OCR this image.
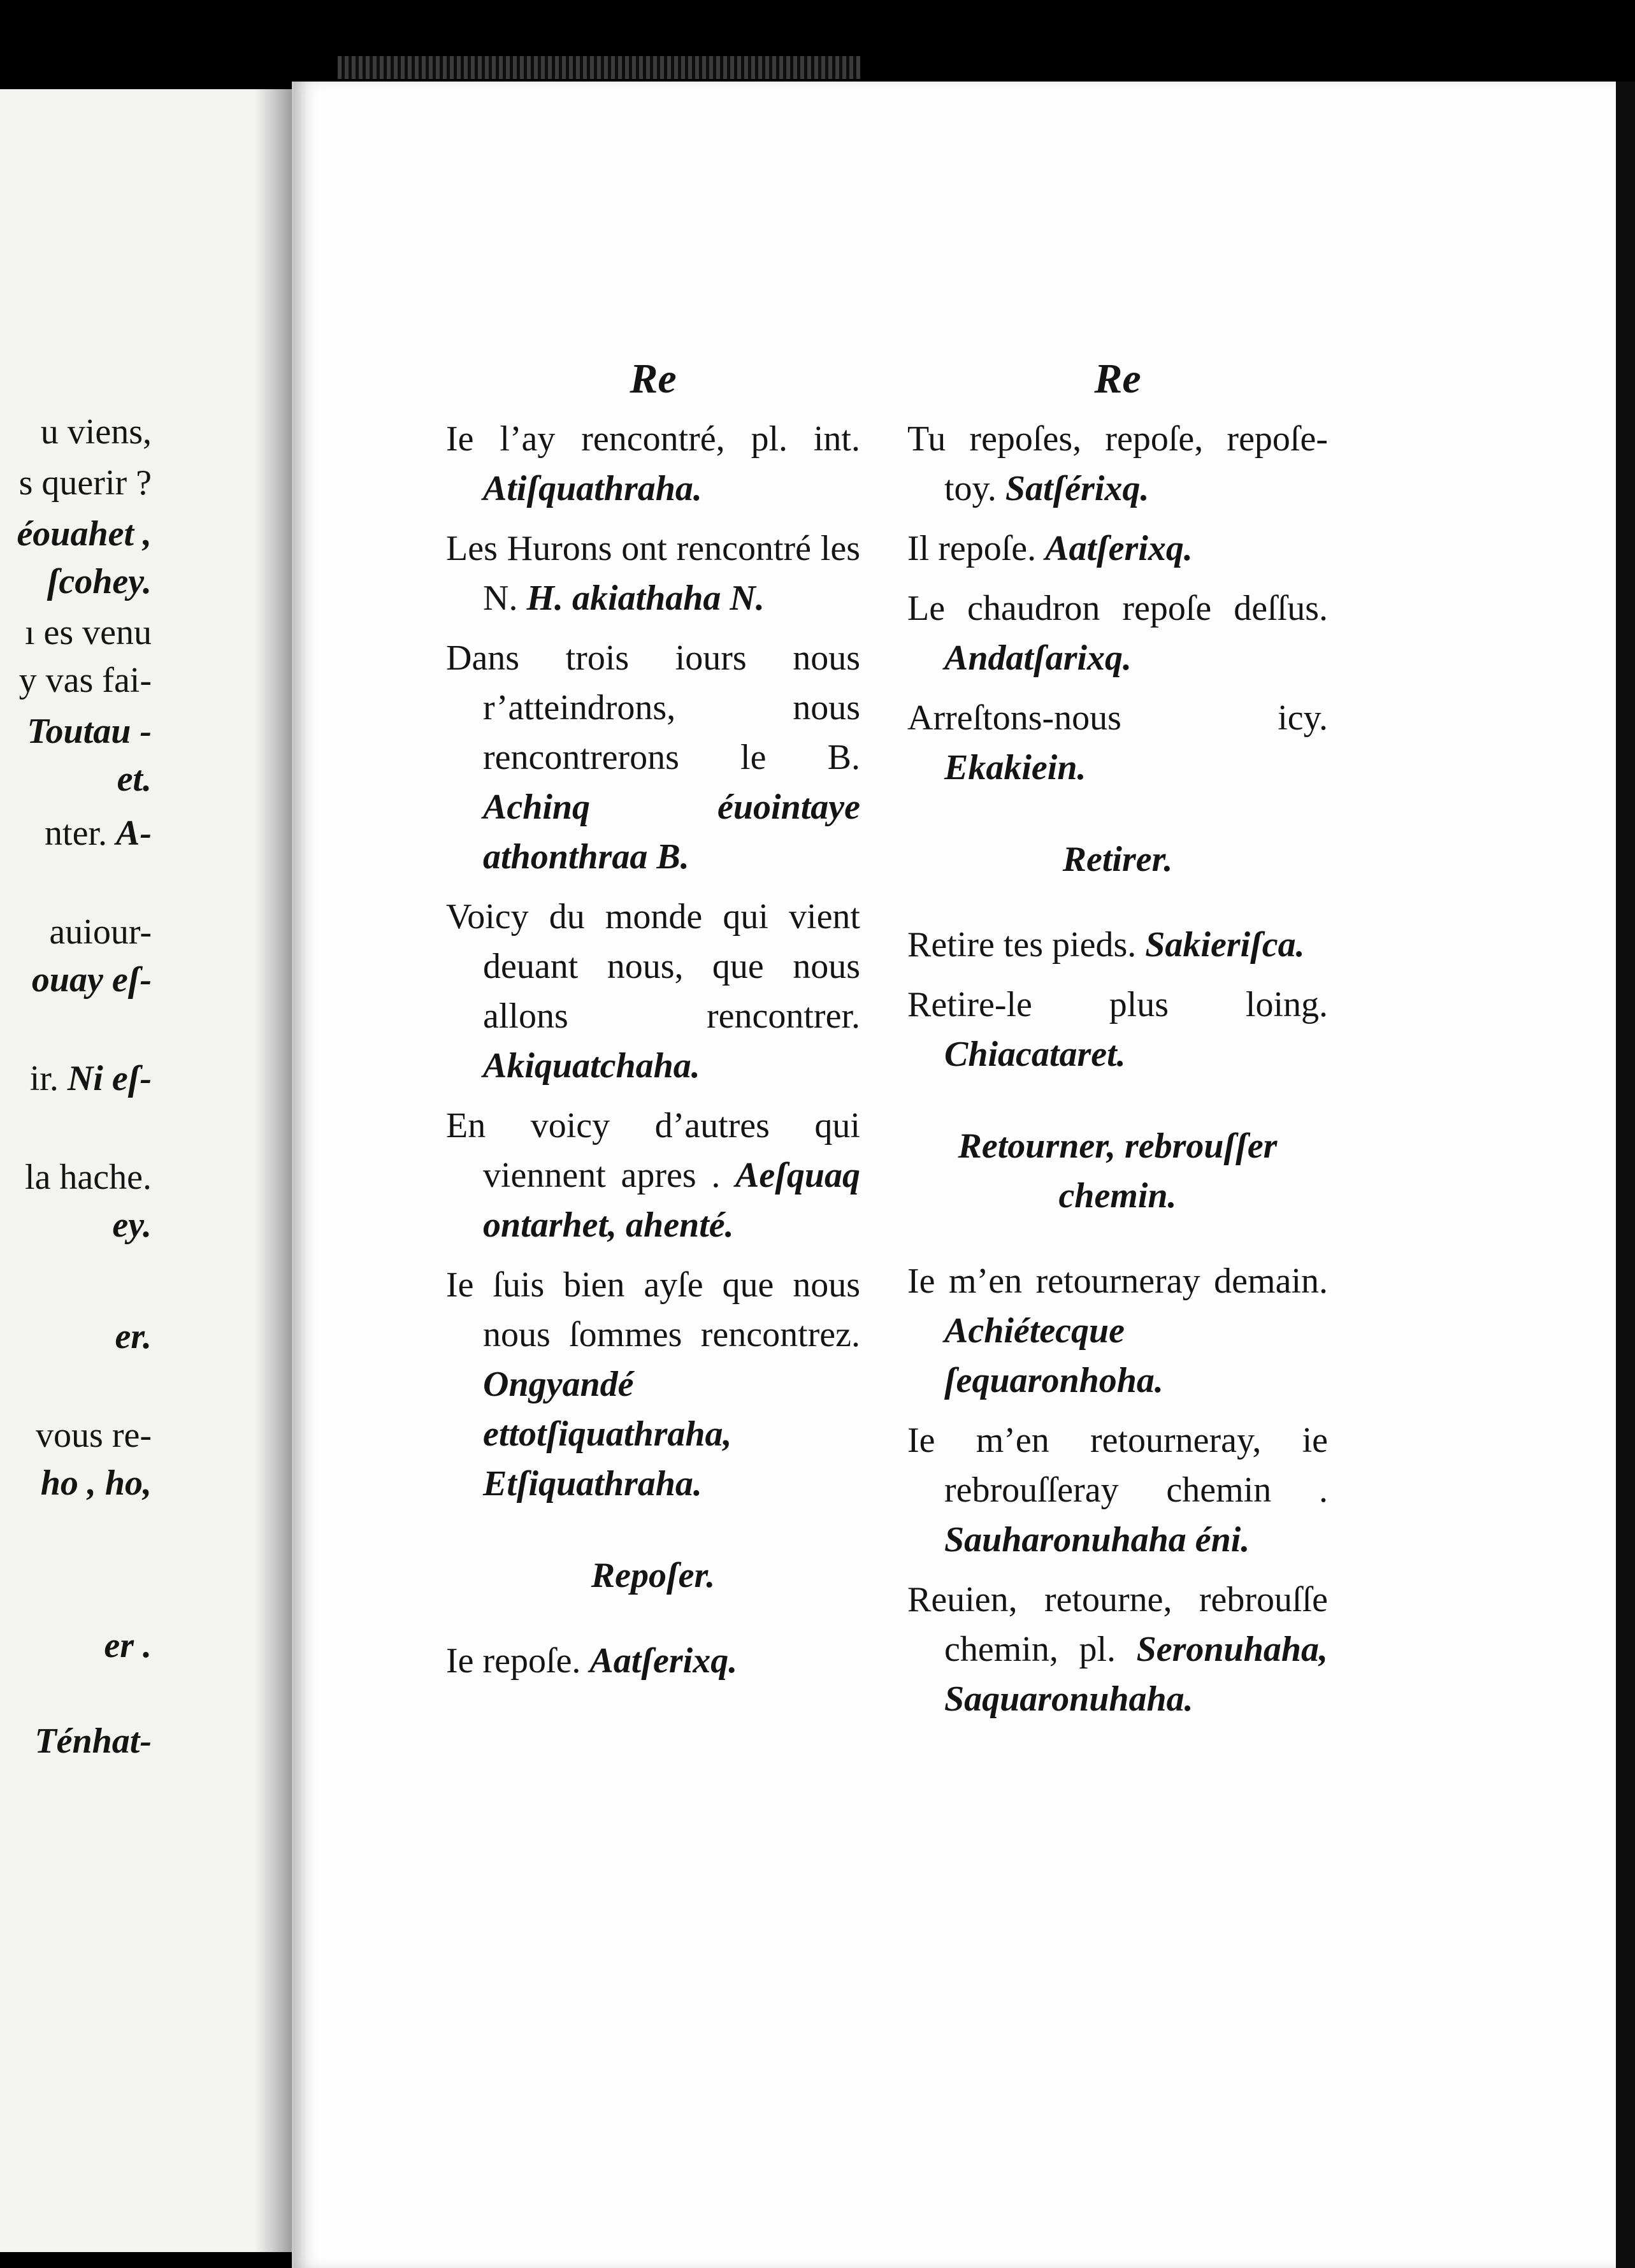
u viens,

s querir ?

éouahet ,

ſcohey.

ı es venu

y vas fai-

Toutau -

et.

nter. A-

auiour-

ouay eſ-

ir. Ni eſ-

la hache.

ey.

er.

vous re-

ho , ho,

er .

Ténhat-

Re

Ie l’ay rencontré, pl. int. Atiſquathraha.

Les Hurons ont rencontré les N. H. akiathaha N.

Dans trois iours nous r’atteindrons, nous rencontrerons le B. Achinq éuointaye athonthraa B.

Voicy du monde qui vient deuant nous, que nous allons rencontrer. Akiquatchaha.

En voicy d’autres qui viennent apres . Aeſquaq ontarhet, ahenté.

Ie ſuis bien ayſe que nous nous ſommes rencontrez. Ongyandé ettotſiquathraha, Etſiquathraha.

Repoſer.

Ie repoſe. Aatſerixq.

Re

Tu repoſes, repoſe, repoſe-toy. Satſérixq.

Il repoſe. Aatſerixq.

Le chaudron repoſe deſſus. Andatſarixq.

Arreſtons-nous icy. Ekakiein.

Retirer.

Retire tes pieds. Sakieriſca.

Retire-le plus loing. Chiacataret.

Retourner, rebrouſſer chemin.

Ie m’en retourneray demain. Achiétecque ſequaronhoha.

Ie m’en retourneray, ie rebrouſſeray chemin . Sauharonuhaha éni.

Reuien, retourne, rebrouſſe chemin, pl. Seronuhaha, Saquaronuhaha.
